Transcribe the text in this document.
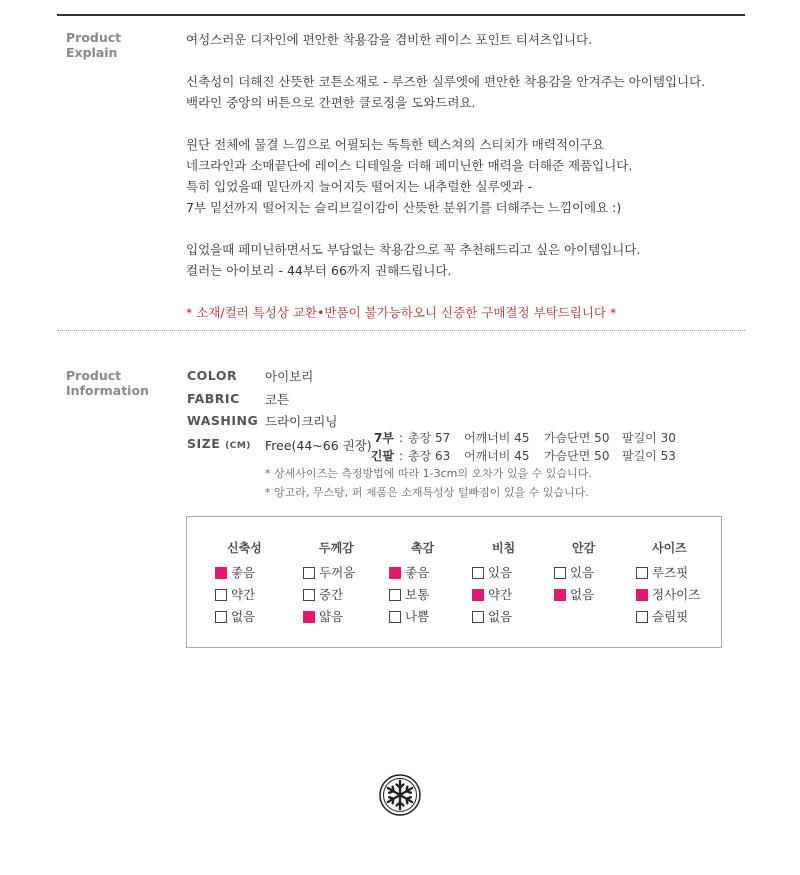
Product
Explain
여성스러운 디자인에 편안한 착용감을 겸비한 레이스 포인트 티셔츠입니다.
신축성이 더해진 산뜻한 코튼소재로 - 루즈한 실루엣에 편안한 착용감을 안겨주는 아이템입니다.
백라인 중앙의 버튼으로 간편한 클로징을 도와드려요.
원단 전체에 물결 느낌으로 어필되는 독특한 텍스쳐의 스티치가 매력적이구요
네크라인과 소매끝단에 레이스 디테일을 더해 페미닌한 매력을 더해준 제품입니다.
특히 입었을때 밑단까지 늘어지듯 떨어지는 내추럴한 실루엣과 -
7부 밑선까지 떨어지는 슬리브길이감이 산뜻한 분위기를 더해주는 느낌이에요 :)
입었을때 페미닌하면서도 부담없는 착용감으로 꼭 추천해드리고 싶은 아이템입니다.
컬러는 아이보리 - 44부터 66까지 권해드립니다.
* 소재/컬러 특성상 교환•반품이 불가능하오니 신중한 구매결정 부탁드립니다 *
Product
Information
COLOR 아이보리
FABRIC 코튼
WASHING 드라이크리닝
SIZE (CM) Free(44~66 권장) 7부 : 총장 57 어깨너비 45 가슴단면 50 팔길이 30
긴팔 : 총장 63 어깨너비 45 가슴단면 50 팔길이 53
* 상세사이즈는 측정방법에 따라 1-3cm의 오차가 있을 수 있습니다.
* 앙고라, 무스탕, 퍼 제품은 소재특성상 털빠짐이 있을 수 있습니다.
신축성
좋음
약간
없음
두께감
두꺼움
중간
얇음
촉감
좋음
보통
나쁨
비침
있음
약간
없음
안감
있음
없음
사이즈
루즈핏
정사이즈
슬림핏
